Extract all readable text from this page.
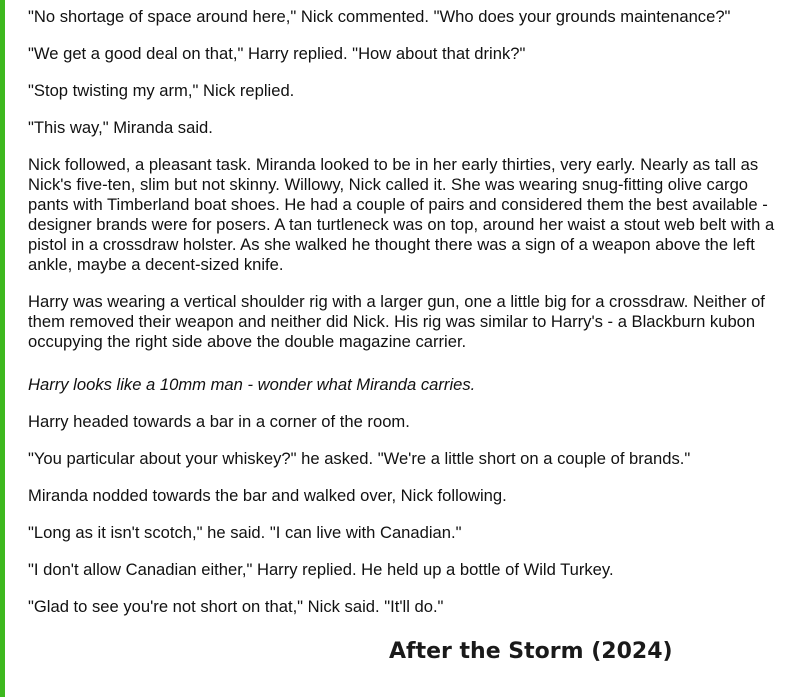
"No shortage of space around here," Nick commented. "Who does your grounds maintenance?"

"We get a good deal on that," Harry replied. "How about that drink?"

"Stop twisting my arm," Nick replied.

"This way," Miranda said.

Nick followed, a pleasant task. Miranda looked to be in her early thirties, very early. Nearly as tall as Nick's five-ten, slim but not skinny. Willowy, Nick called it. She was wearing snug-fitting olive cargo pants with Timberland boat shoes. He had a couple of pairs and considered them the best available - designer brands were for posers. A tan turtleneck was on top, around her waist a stout web belt with a pistol in a crossdraw holster. As she walked he thought there was a sign of a weapon above the left ankle, maybe a decent-sized knife.

Harry was wearing a vertical shoulder rig with a larger gun, one a little big for a crossdraw. Neither of them removed their weapon and neither did Nick. His rig was similar to Harry's - a Blackburn kubon occupying the right side above the double magazine carrier.

Harry looks like a 10mm man - wonder what Miranda carries.

Harry headed towards a bar in a corner of the room.

"You particular about your whiskey?" he asked. "We're a little short on a couple of brands."

Miranda nodded towards the bar and walked over, Nick following.

"Long as it isn't scotch," he said. "I can live with Canadian."

"I don't allow Canadian either," Harry replied. He held up a bottle of Wild Turkey.

"Glad to see you're not short on that," Nick said. "It'll do."

After the Storm (2024)
